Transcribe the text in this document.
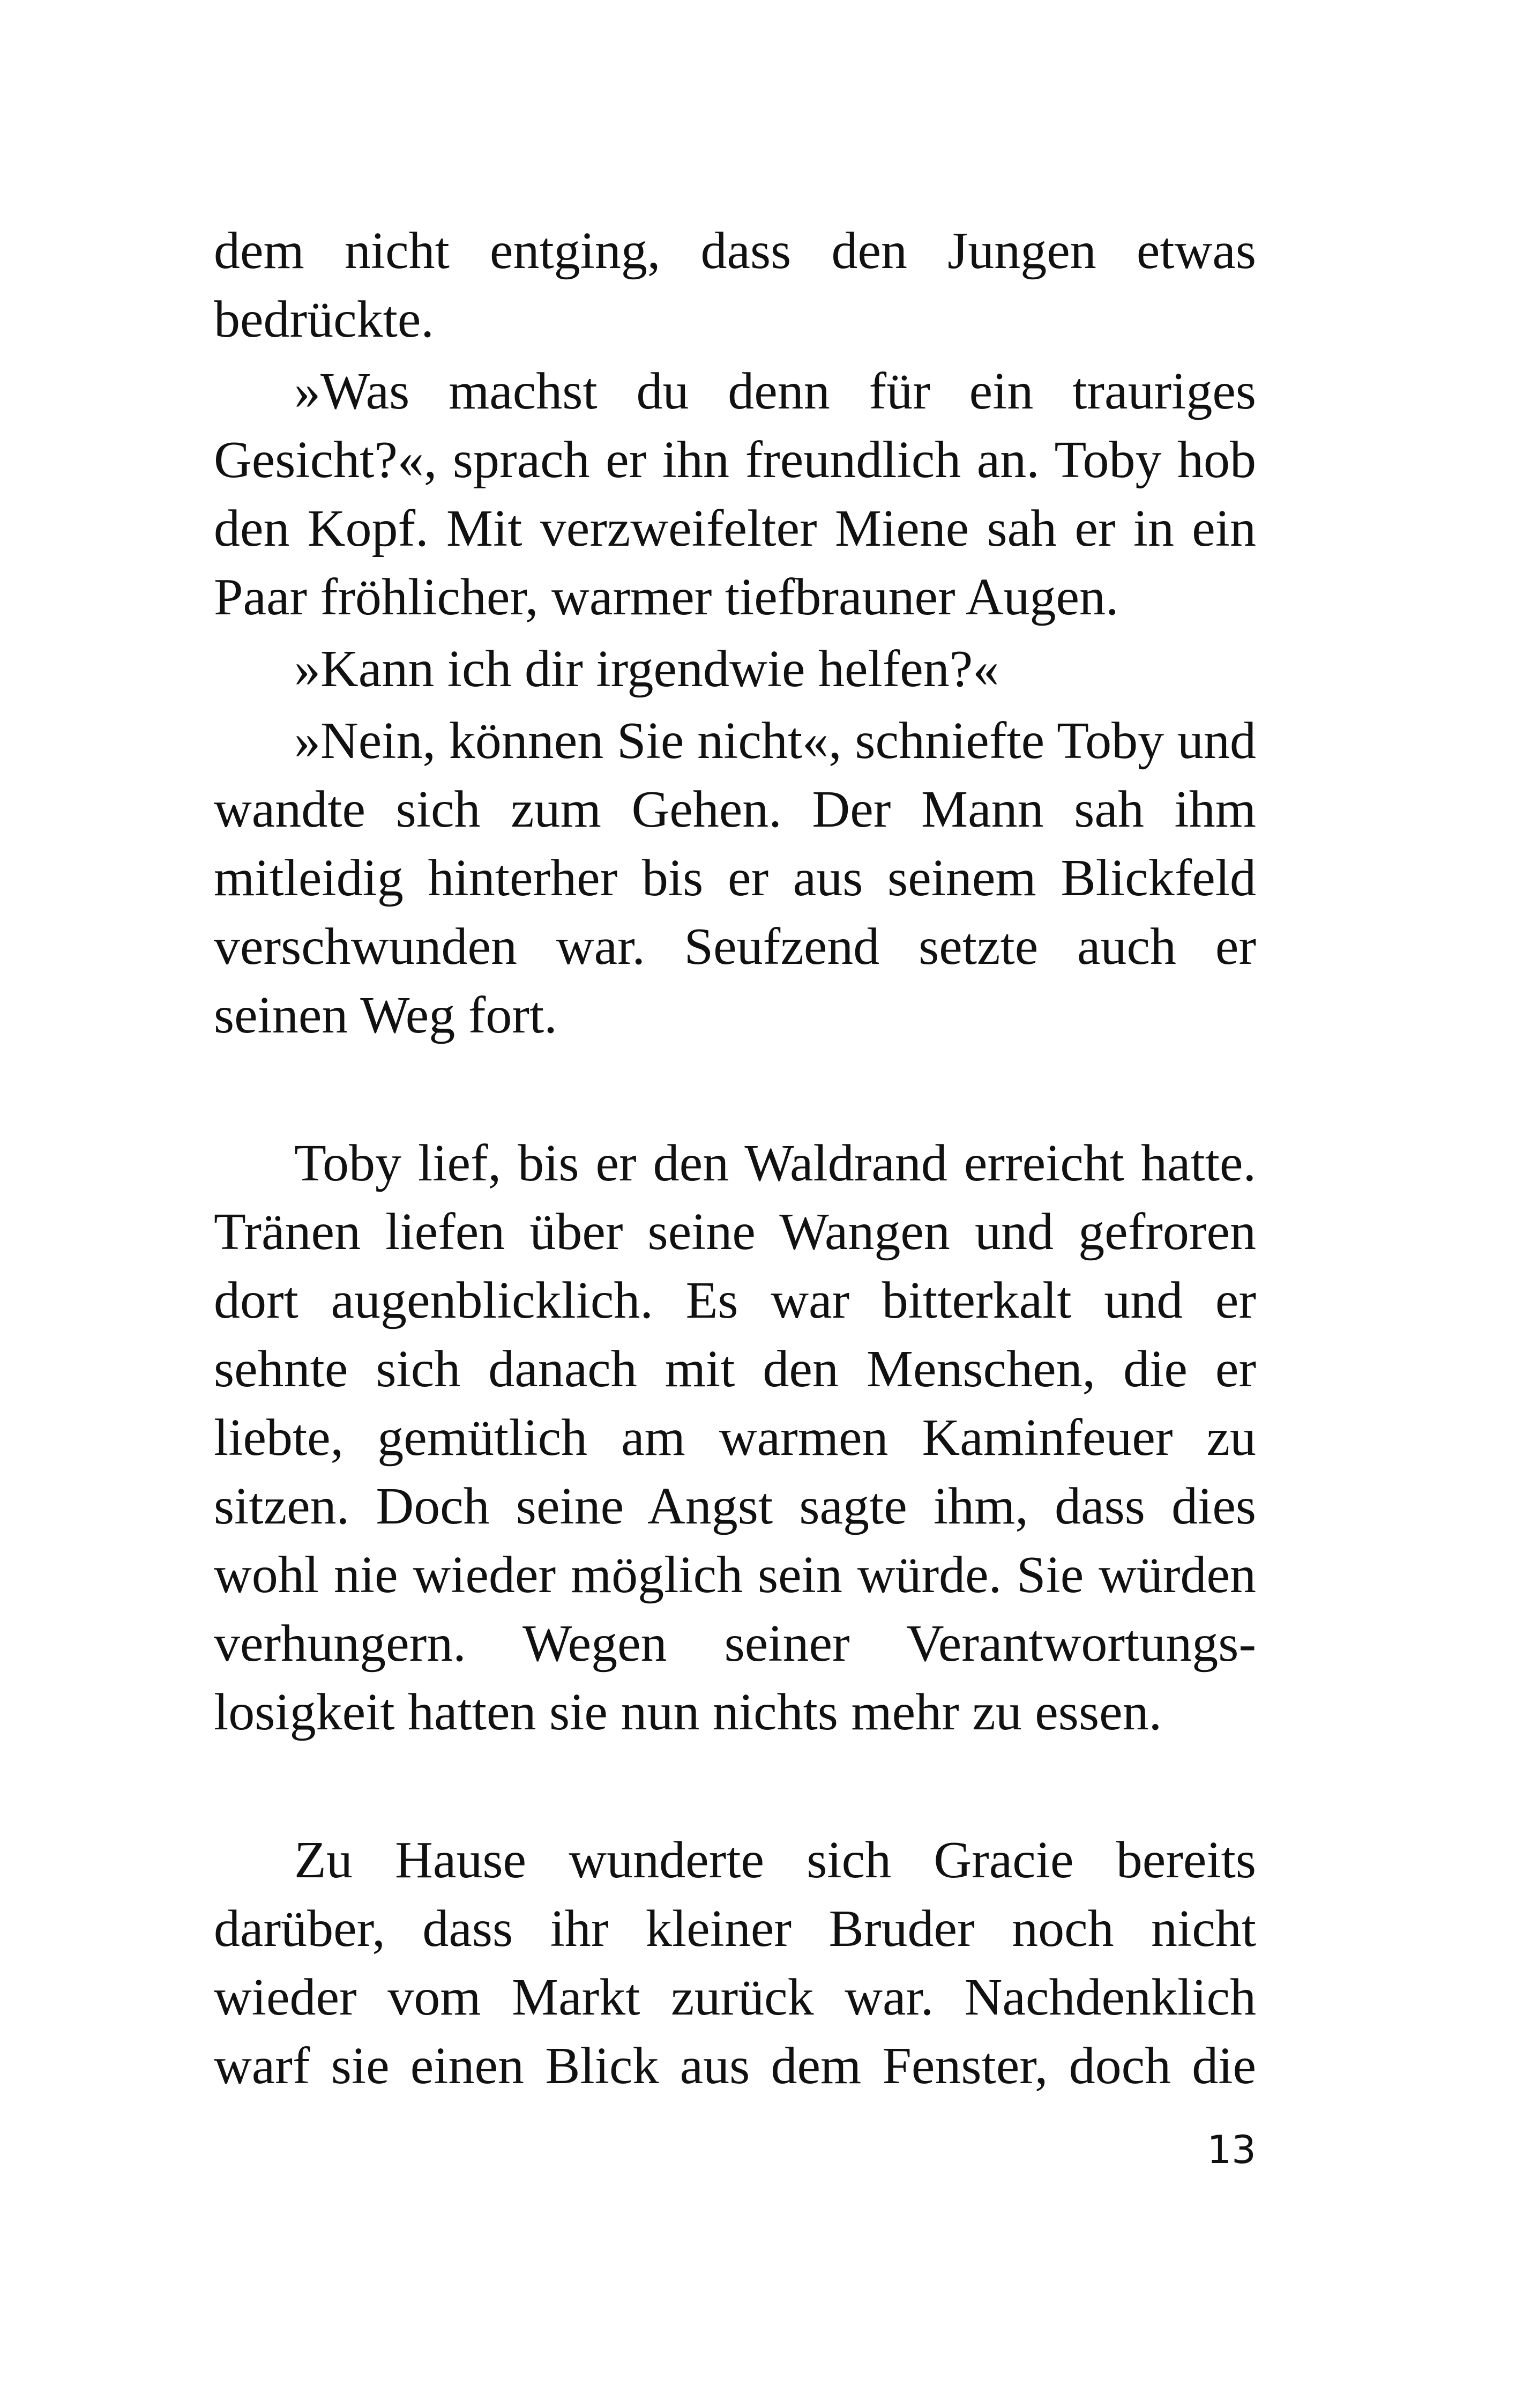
dem nicht entging, dass den Jungen etwas
bedrückte.
»Was machst du denn für ein trauriges
Gesicht?«, sprach er ihn freundlich an. Toby hob
den Kopf. Mit verzweifelter Miene sah er in ein
Paar fröhlicher, warmer tiefbrauner Augen.
»Kann ich dir irgendwie helfen?«
»Nein, können Sie nicht«, schniefte Toby und
wandte sich zum Gehen. Der Mann sah ihm
mitleidig hinterher bis er aus seinem Blickfeld
verschwunden war. Seufzend setzte auch er
seinen Weg fort.
Toby lief, bis er den Waldrand erreicht hatte.
Tränen liefen über seine Wangen und gefroren
dort augenblicklich. Es war bitterkalt und er
sehnte sich danach mit den Menschen, die er
liebte, gemütlich am warmen Kaminfeuer zu
sitzen. Doch seine Angst sagte ihm, dass dies
wohl nie wieder möglich sein würde. Sie würden
verhungern. Wegen seiner Verantwortungs-
losigkeit hatten sie nun nichts mehr zu essen.
Zu Hause wunderte sich Gracie bereits
darüber, dass ihr kleiner Bruder noch nicht
wieder vom Markt zurück war. Nachdenklich
warf sie einen Blick aus dem Fenster, doch die
13
